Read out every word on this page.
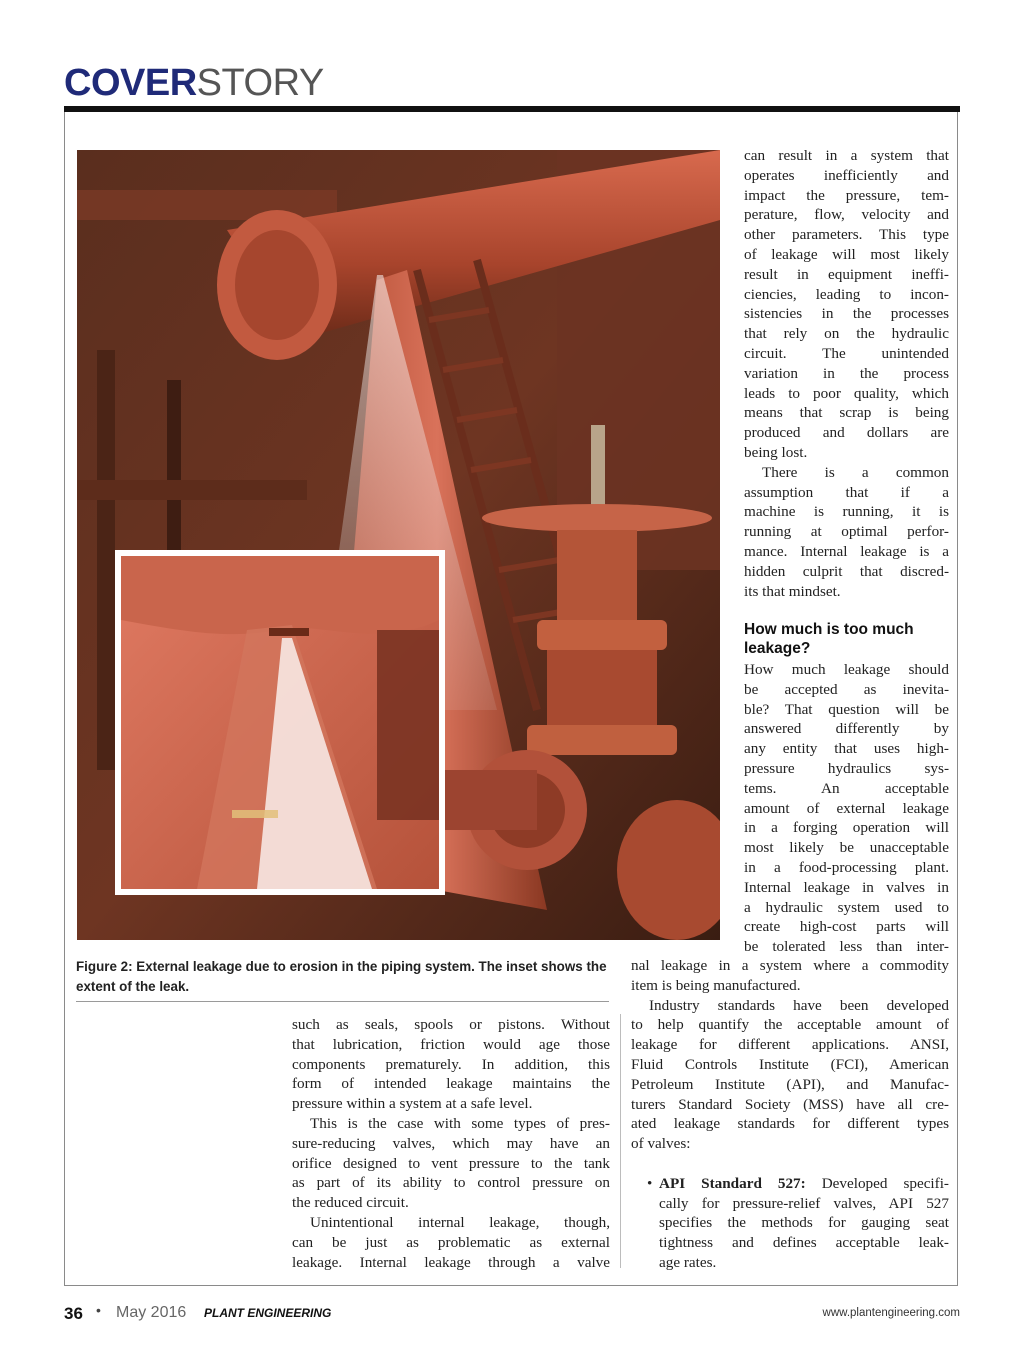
COVERSTORY
Figure 2: External leakage due to erosion in the piping system. The inset shows the extent of the leak.

can result in a system that

operates inefficiently and

impact the pressure, tem-

perature, flow, velocity and

other parameters. This type

of leakage will most likely

result in equipment ineffi-

ciencies, leading to incon-

sistencies in the processes

that rely on the hydraulic

circuit. The unintended

variation in the process

leads to poor quality, which

means that scrap is being

produced and dollars are

being lost.

There is a common

assumption that if a

machine is running, it is

running at optimal perfor-

mance. Internal leakage is a

hidden culprit that discred-

its that mindset.

How much is too much leakage?

How much leakage should

be accepted as inevita-

ble? That question will be

answered differently by

any entity that uses high-

pressure hydraulics sys-

tems. An acceptable

amount of external leakage

in a forging operation will

most likely be unacceptable

in a food-processing plant.

Internal leakage in valves in

a hydraulic system used to

create high-cost parts will

be tolerated less than inter-

nal leakage in a system where a commodity

item is being manufactured.

Industry standards have been developed

to help quantify the acceptable amount of

leakage for different applications. ANSI,

Fluid Controls Institute (FCI), American

Petroleum Institute (API), and Manufac-

turers Standard Society (MSS) have all cre-

ated leakage standards for different types

of valves:

• API Standard 527: Developed specifi-

cally for pressure-relief valves, API 527

specifies the methods for gauging seat

tightness and defines acceptable leak-

age rates.

such as seals, spools or pistons. Without

that lubrication, friction would age those

components prematurely. In addition, this

form of intended leakage maintains the

pressure within a system at a safe level.

This is the case with some types of pres-

sure-reducing valves, which may have an

orifice designed to vent pressure to the tank

as part of its ability to control pressure on

the reduced circuit.

Unintentional internal leakage, though,

can be just as problematic as external

leakage. Internal leakage through a valve

36 • May 2016 PLANT ENGINEERING	www.plantengineering.com
